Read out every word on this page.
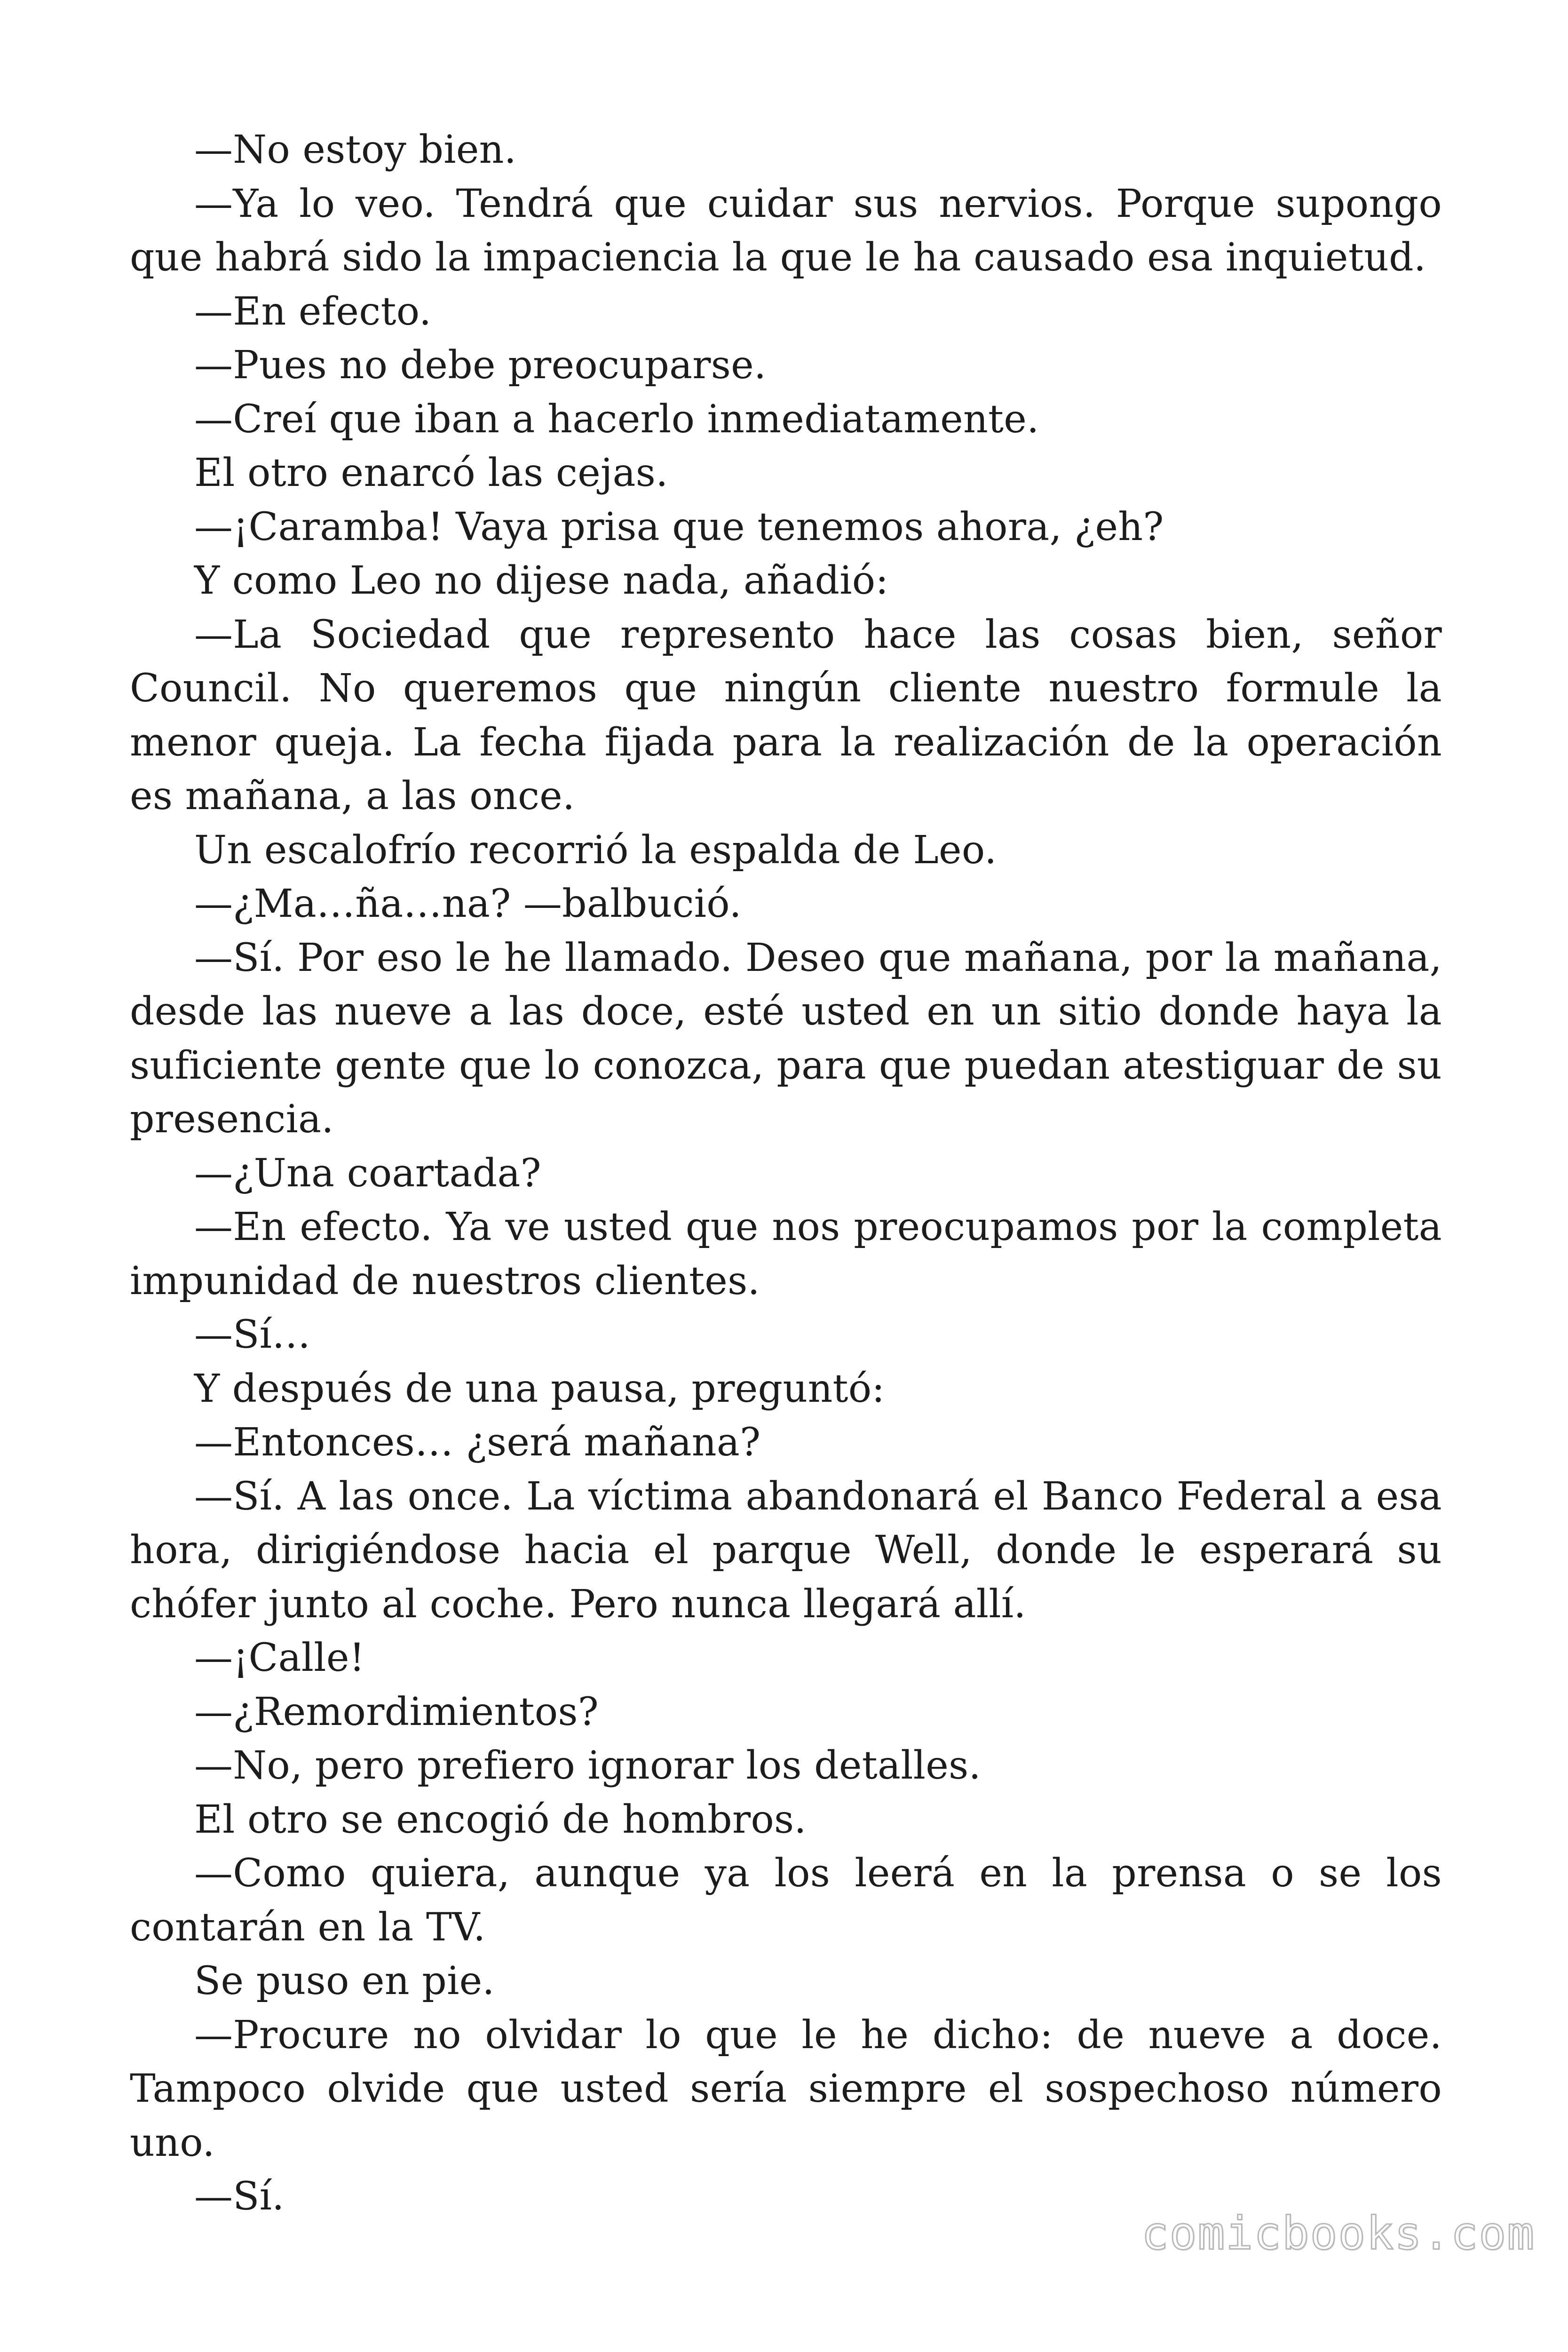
—No estoy bien.

—Ya lo veo. Tendrá que cuidar sus nervios. Porque supongo que habrá sido la impaciencia la que le ha causado esa inquietud.

—En efecto.

—Pues no debe preocuparse.

—Creí que iban a hacerlo inmediatamente.

El otro enarcó las cejas.

—¡Caramba! Vaya prisa que tenemos ahora, ¿eh?

Y como Leo no dijese nada, añadió:

—La Sociedad que represento hace las cosas bien, señor Council. No queremos que ningún cliente nuestro formule la menor queja. La fecha fijada para la realización de la operación es mañana, a las once.

Un escalofrío recorrió la espalda de Leo.

—¿Ma…ña…na? —balbució.

—Sí. Por eso le he llamado. Deseo que mañana, por la mañana, desde las nueve a las doce, esté usted en un sitio donde haya la suficiente gente que lo conozca, para que puedan atestiguar de su presencia.

—¿Una coartada?

—En efecto. Ya ve usted que nos preocupamos por la completa impunidad de nuestros clientes.

—Sí…

Y después de una pausa, preguntó:

—Entonces… ¿será mañana?

—Sí. A las once. La víctima abandonará el Banco Federal a esa hora, dirigiéndose hacia el parque Well, donde le esperará su chófer junto al coche. Pero nunca llegará allí.

—¡Calle!

—¿Remordimientos?

—No, pero prefiero ignorar los detalles.

El otro se encogió de hombros.

—Como quiera, aunque ya los leerá en la prensa o se los contarán en la TV.

Se puso en pie.

—Procure no olvidar lo que le he dicho: de nueve a doce. Tampoco olvide que usted sería siempre el sospechoso número uno.

—Sí.

comicbooks.com
